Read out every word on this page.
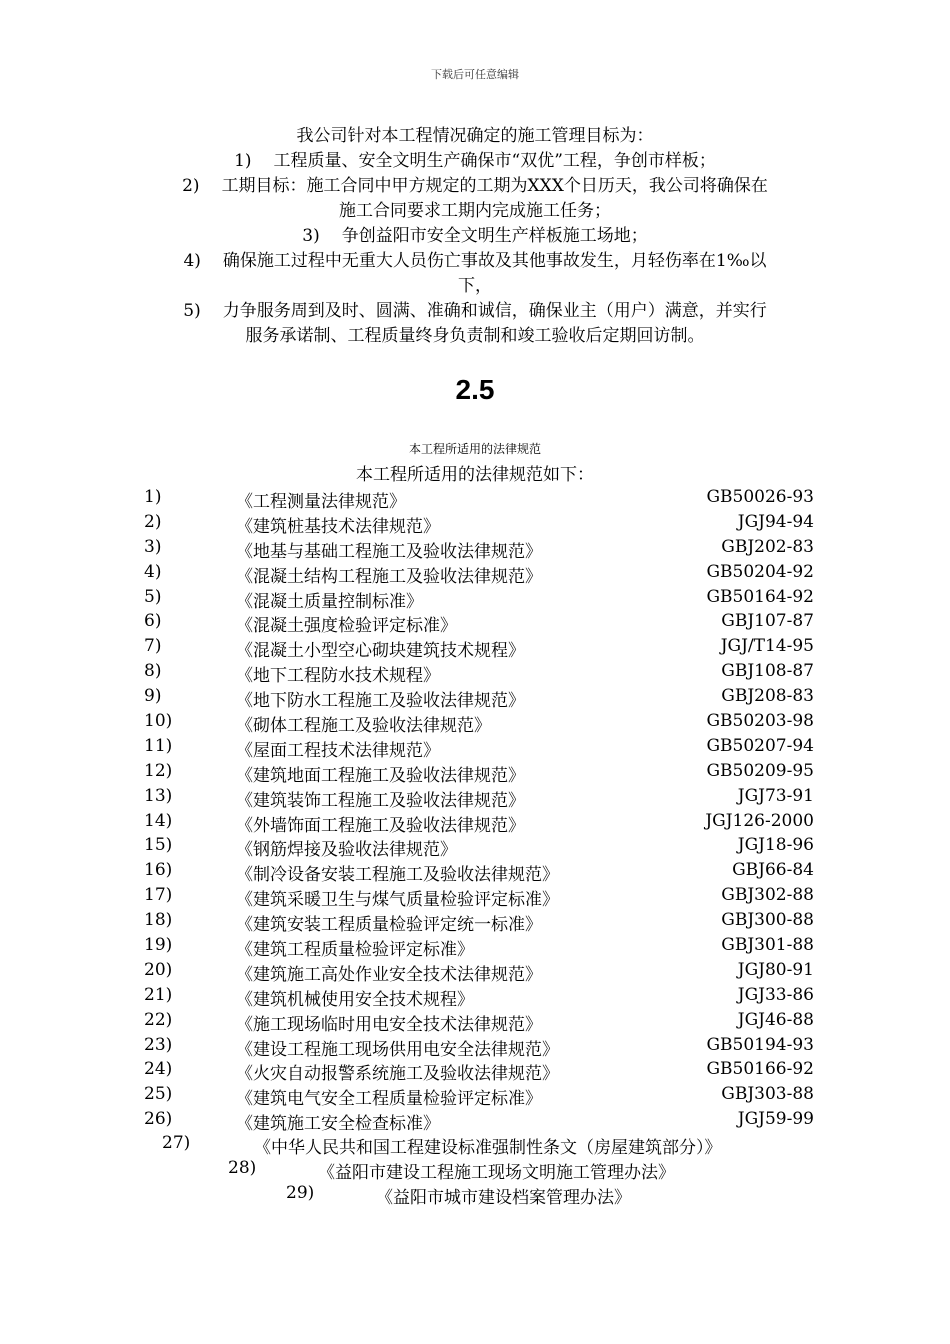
下载后可任意编辑
我公司针对本工程情况确定的施工管理目标为：
1) 工程质量、安全文明生产确保市“双优”工程，争创市样板；
2) 工期目标：施工合同中甲方规定的工期为XXX个日历天，我公司将确保在
施工合同要求工期内完成施工任务；
3) 争创益阳市安全文明生产样板施工场地；
4) 确保施工过程中无重大人员伤亡事故及其他事故发生，月轻伤率在1‰以
下，
5) 力争服务周到及时、圆满、准确和诚信，确保业主（用户）满意，并实行
服务承诺制、工程质量终身负责制和竣工验收后定期回访制。
2.5
本工程所适用的法律规范
本工程所适用的法律规范如下：
1)	《工程测量法律规范》	GB50026-93
2)	《建筑桩基技术法律规范》	JGJ94-94
3)	《地基与基础工程施工及验收法律规范》	GBJ202-83
4)	《混凝土结构工程施工及验收法律规范》	GB50204-92
5)	《混凝土质量控制标准》	GB50164-92
6)	《混凝土强度检验评定标准》	GBJ107-87
7)	《混凝土小型空心砌块建筑技术规程》	JGJ/T14-95
8)	《地下工程防水技术规程》	GBJ108-87
9)	《地下防水工程施工及验收法律规范》	GBJ208-83
10)	《砌体工程施工及验收法律规范》	GB50203-98
11)	《屋面工程技术法律规范》	GB50207-94
12)	《建筑地面工程施工及验收法律规范》	GB50209-95
13)	《建筑装饰工程施工及验收法律规范》	JGJ73-91
14)	《外墙饰面工程施工及验收法律规范》	JGJ126-2000
15)	《钢筋焊接及验收法律规范》	JGJ18-96
16)	《制冷设备安装工程施工及验收法律规范》	GBJ66-84
17)	《建筑采暖卫生与煤气质量检验评定标准》	GBJ302-88
18)	《建筑安装工程质量检验评定统一标准》	GBJ300-88
19)	《建筑工程质量检验评定标准》	GBJ301-88
20)	《建筑施工高处作业安全技术法律规范》	JGJ80-91
21)	《建筑机械使用安全技术规程》	JGJ33-86
22)	《施工现场临时用电安全技术法律规范》	JGJ46-88
23)	《建设工程施工现场供用电安全法律规范》	GB50194-93
24)	《火灾自动报警系统施工及验收法律规范》	GB50166-92
25)	《建筑电气安全工程质量检验评定标准》	GBJ303-88
26)	《建筑施工安全检查标准》	JGJ59-99
27)	《中华人民共和国工程建设标准强制性条文（房屋建筑部分）》
28)	《益阳市建设工程施工现场文明施工管理办法》
29)	《益阳市城市建设档案管理办法》
